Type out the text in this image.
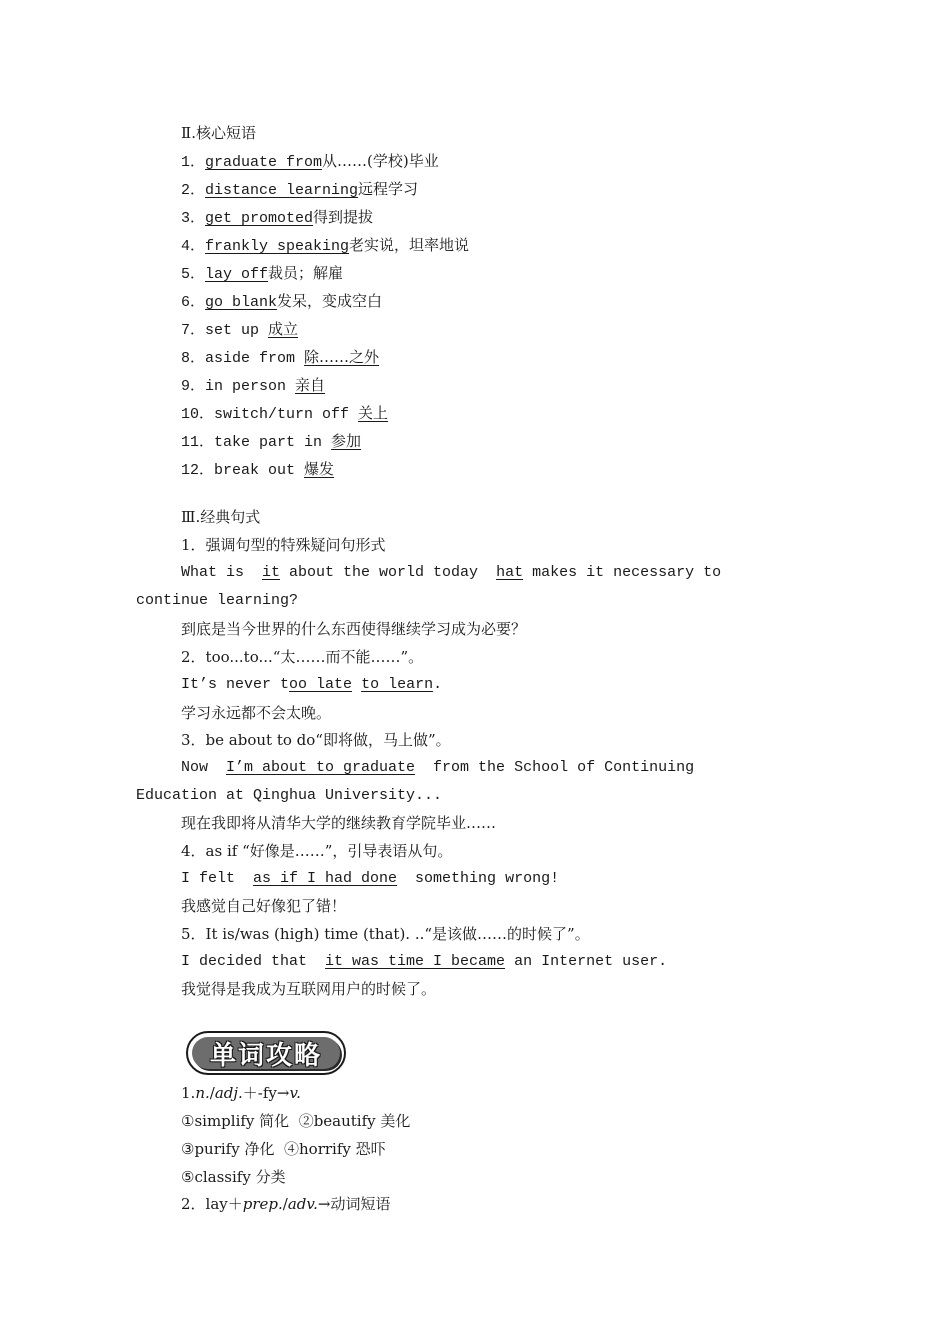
Ⅱ.核心短语
1．graduate from从……(学校)毕业
2．distance learning远程学习
3．get promoted得到提拔
4．frankly speaking老实说，坦率地说
5．lay off裁员；解雇
6．go blank发呆，变成空白
7．set up 成立
8．aside from 除……之外
9．in person 亲自
10．switch/turn off 关上
11．take part in 参加
12．break out 爆发
Ⅲ.经典句式
1．强调句型的特殊疑问句形式
What is  it about the world today  hat makes it necessary to
continue learning?
到底是当今世界的什么东西使得继续学习成为必要？
2．too...to...“太……而不能……”。
It’s never too late to learn.
学习永远都不会太晚。
3．be about to do“即将做，马上做”。
Now  I’m about to graduate  from the School of Continuing
Education at Qinghua University...
现在我即将从清华大学的继续教育学院毕业……
4．as if “好像是……”，引导表语从句。
I felt  as if I had done  something wrong!
我感觉自己好像犯了错！
5．It is/was (high) time (that). ..“是该做……的时候了”。
I decided that  it was time I became an Internet user.
我觉得是我成为互联网用户的时候了。
单词攻略
1.n./adj.＋-fy→v.
①simplify 简化  ②beautify 美化
③purify 净化  ④horrify 恐吓
⑤classify 分类
2．lay＋prep./adv.→动词短语
